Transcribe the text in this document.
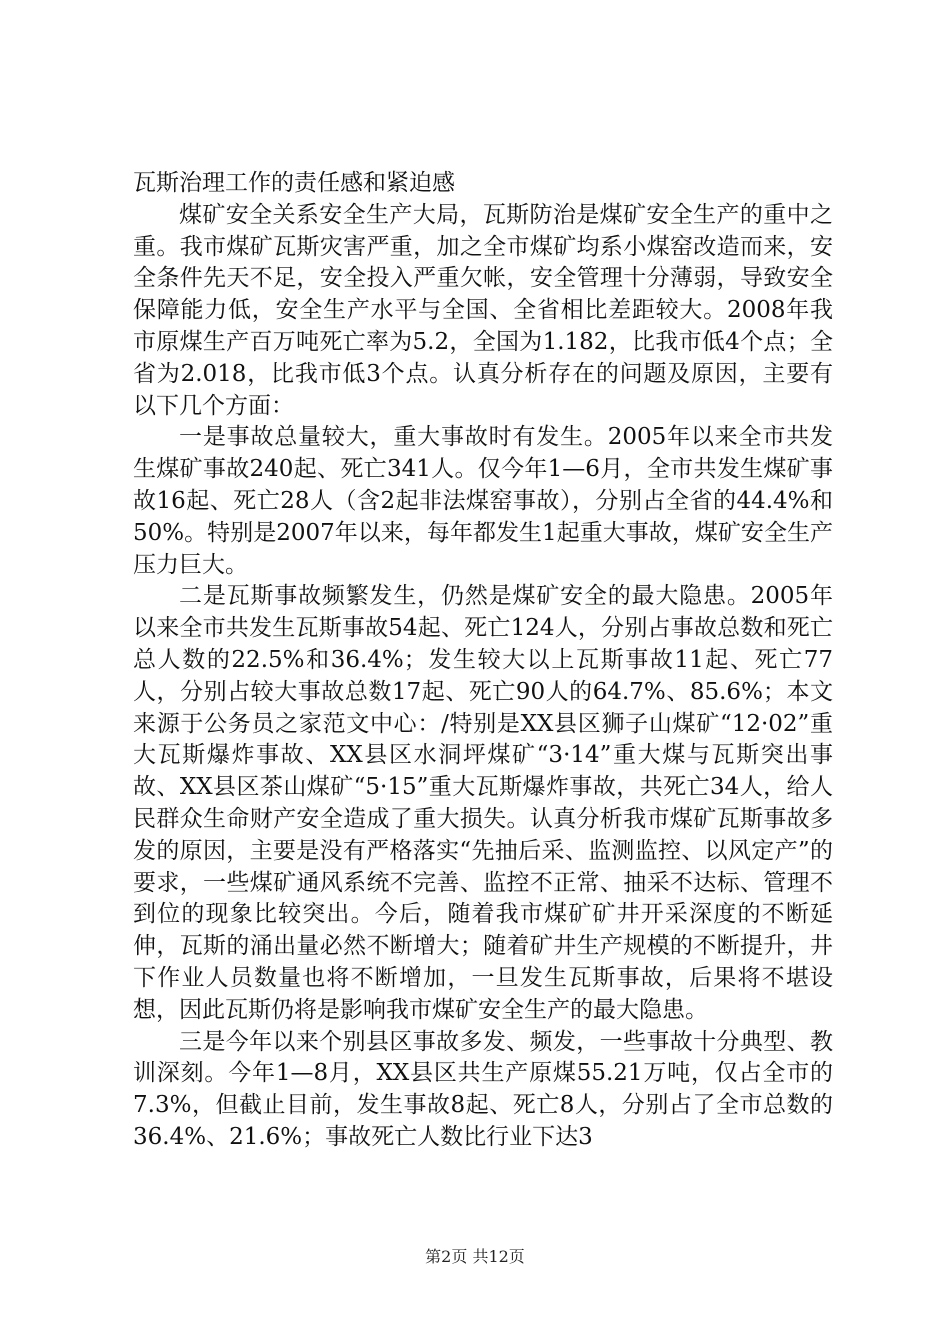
瓦斯治理工作的责任感和紧迫感

煤矿安全关系安全生产大局，瓦斯防治是煤矿安全生产的重中之重。我市煤矿瓦斯灾害严重，加之全市煤矿均系小煤窑改造而来，安全条件先天不足，安全投入严重欠帐，安全管理十分薄弱，导致安全保障能力低，安全生产水平与全国、全省相比差距较大。2008年我市原煤生产百万吨死亡率为5.2，全国为1.182，比我市低4个点；全省为2.018，比我市低3个点。认真分析存在的问题及原因，主要有以下几个方面：

一是事故总量较大，重大事故时有发生。2005年以来全市共发生煤矿事故240起、死亡341人。仅今年1—6月，全市共发生煤矿事故16起、死亡28人（含2起非法煤窑事故），分别占全省的44.4%和50%。特别是2007年以来，每年都发生1起重大事故，煤矿安全生产压力巨大。

二是瓦斯事故频繁发生，仍然是煤矿安全的最大隐患。2005年以来全市共发生瓦斯事故54起、死亡124人，分别占事故总数和死亡总人数的22.5%和36.4%；发生较大以上瓦斯事故11起、死亡77人，分别占较大事故总数17起、死亡90人的64.7%、85.6%；本文来源于公务员之家范文中心：/特别是XX县区狮子山煤矿“12·02”重大瓦斯爆炸事故、XX县区水洞坪煤矿“3·14”重大煤与瓦斯突出事故、XX县区茶山煤矿“5·15”重大瓦斯爆炸事故，共死亡34人，给人民群众生命财产安全造成了重大损失。认真分析我市煤矿瓦斯事故多发的原因，主要是没有严格落实“先抽后采、监测监控、以风定产”的要求，一些煤矿通风系统不完善、监控不正常、抽采不达标、管理不到位的现象比较突出。今后，随着我市煤矿矿井开采深度的不断延伸，瓦斯的涌出量必然不断增大；随着矿井生产规模的不断提升，井下作业人员数量也将不断增加，一旦发生瓦斯事故，后果将不堪设想，因此瓦斯仍将是影响我市煤矿安全生产的最大隐患。

三是今年以来个别县区事故多发、频发，一些事故十分典型、教训深刻。今年1—8月，XX县区共生产原煤55.21万吨，仅占全市的7.3%，但截止目前，发生事故8起、死亡8人，分别占了全市总数的36.4%、21.6%；事故死亡人数比行业下达3

第2页 共12页
